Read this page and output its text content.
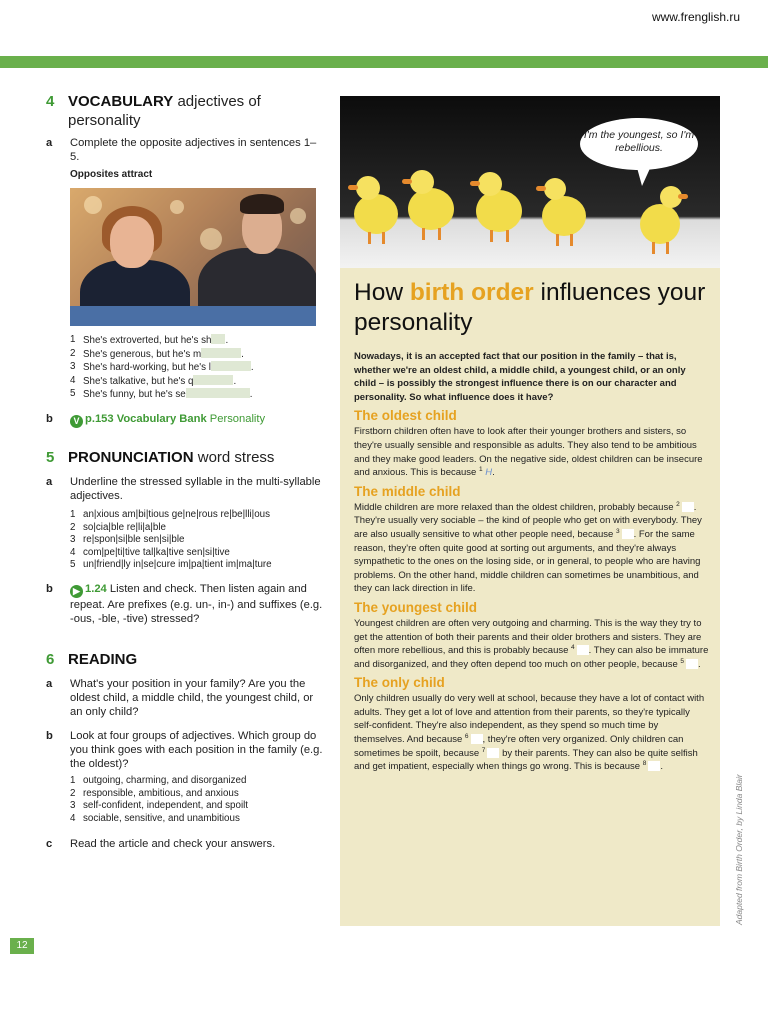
www.frenglish.ru
4 VOCABULARY adjectives of personality
a	Complete the opposite adjectives in sentences 1–5.
Opposites attract
1 She's extroverted, but he's sh .
2 She's generous, but he's m	.
3 She's hard-working, but he's l	.
4 She's talkative, but he's q	.
5 She's funny, but he's se	.
b	V p.153 Vocabulary Bank Personality
5 PRONUNCIATION word stress
a	Underline the stressed syllable in the multi-syllable adjectives.
1 an|xious am|bi|tious ge|ne|rous re|be|lli|ous
2 so|cia|ble re|li|a|ble
3 re|spon|si|ble sen|si|ble
4 com|pe|ti|tive tal|ka|tive sen|si|tive
5 un|friend|ly in|se|cure im|pa|tient im|ma|ture
b	▶ 1.24 Listen and check. Then listen again and repeat. Are prefixes (e.g. un-, in-) and suffixes (e.g. -ous, -ble, -tive) stressed?
6 READING
a	What's your position in your family? Are you the oldest child, a middle child, the youngest child, or an only child?
b	Look at four groups of adjectives. Which group do you think goes with each position in the family (e.g. the oldest)?
1 outgoing, charming, and disorganized
2 responsible, ambitious, and anxious
3 self-confident, independent, and spoilt
4 sociable, sensitive, and unambitious
c	Read the article and check your answers.
12
I'm the youngest, so I'm rebellious.
How birth order influences your personality

Nowadays, it is an accepted fact that our position in the family – that is, whether we're an oldest child, a middle child, a youngest child, or an only child – is possibly the strongest influence there is on our character and personality. So what influence does it have?

The oldest child

Firstborn children often have to look after their younger brothers and sisters, so they're usually sensible and responsible as adults. They also tend to be ambitious and they make good leaders. On the negative side, oldest children can be insecure and anxious. This is because $^1$ H.

The middle child

Middle children are more relaxed than the oldest children, probably because $^2$ . They're usually very sociable – the kind of people who get on with everybody. They are also usually sensitive to what other people need, because $^3$ . For the same reason, they're often quite good at sorting out arguments, and they're always sympathetic to the ones on the losing side, or in general, to people who are having problems. On the other hand, middle children can sometimes be unambitious, and they can lack direction in life.

The youngest child

Youngest children are often very outgoing and charming. This is the way they try to get the attention of both their parents and their older brothers and sisters. They are often more rebellious, and this is probably because $^4$ . They can also be immature and disorganized, and they often depend too much on other people, because $^5$ .

The only child

Only children usually do very well at school, because they have a lot of contact with adults. They get a lot of love and attention from their parents, so they're typically self-confident. They're also independent, as they spend so much time by themselves. And because $^6$ , they're often very organized. Only children can sometimes be spoilt, because $^7$ by their parents. They can also be quite selfish and get impatient, especially when things go wrong. This is because $^8$ .

Adapted from Birth Order, by Linda Blair
